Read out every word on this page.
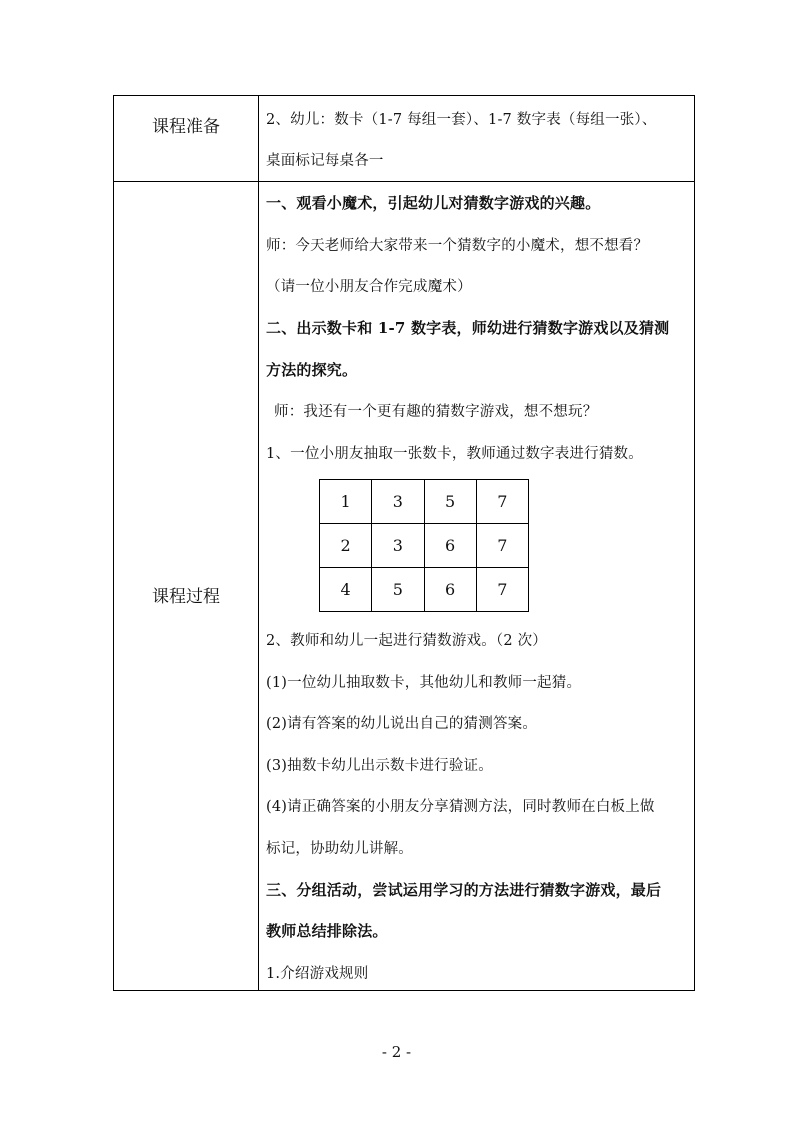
课程准备	2、幼儿：数卡（1-7 每组一套）、1-7 数字表（每组一张）、
桌面标记每桌各一
课程过程
一、观看小魔术，引起幼儿对猜数字游戏的兴趣。
师：今天老师给大家带来一个猜数字的小魔术，想不想看？
（请一位小朋友合作完成魔术）
二、出示数卡和 1-7 数字表，师幼进行猜数字游戏以及猜测
方法的探究。
师：我还有一个更有趣的猜数字游戏，想不想玩？
1、一位小朋友抽取一张数卡，教师通过数字表进行猜数。
1	3	5	7
2	3	6	7
4	5	6	7
2、教师和幼儿一起进行猜数游戏。（2 次）
(1)一位幼儿抽取数卡，其他幼儿和教师一起猜。
(2)请有答案的幼儿说出自己的猜测答案。
(3)抽数卡幼儿出示数卡进行验证。
(4)请正确答案的小朋友分享猜测方法，同时教师在白板上做
标记，协助幼儿讲解。
三、分组活动，尝试运用学习的方法进行猜数字游戏，最后
教师总结排除法。
1.介绍游戏规则
- 2 -
